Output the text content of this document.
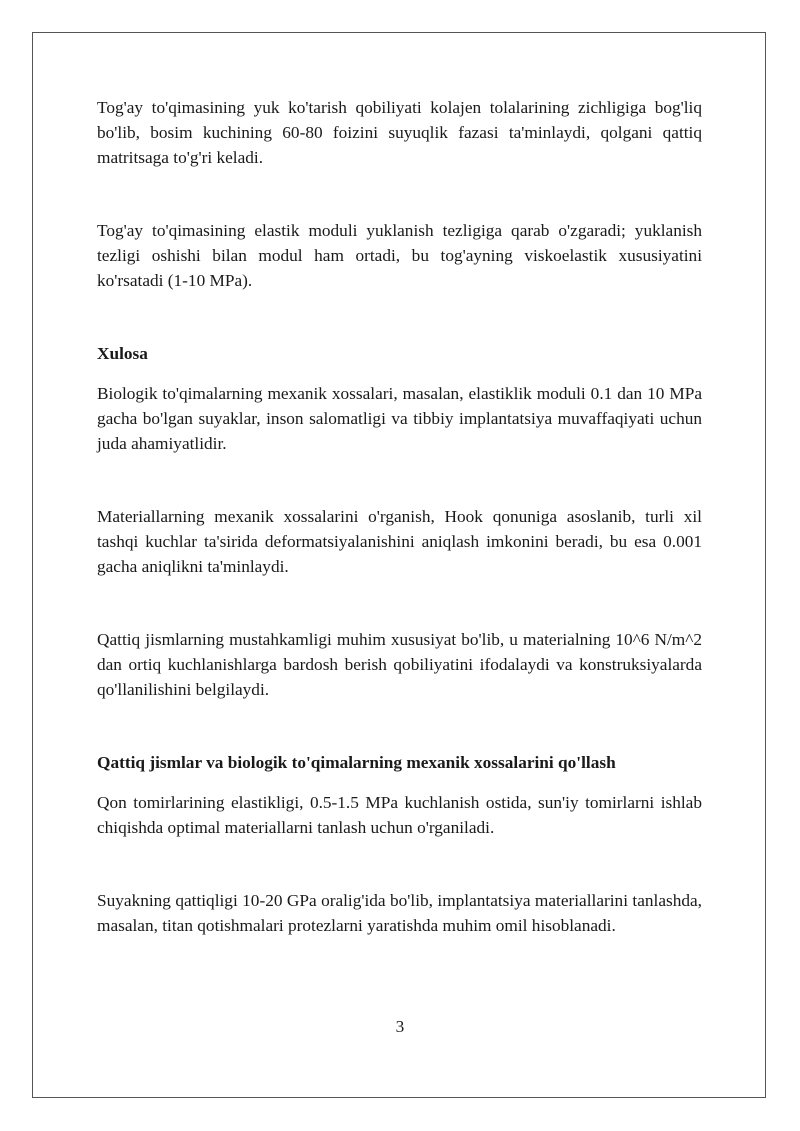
Tog'ay to'qimasining yuk ko'tarish qobiliyati kolajen tolalarining zichligiga bog'liq bo'lib, bosim kuchining 60-80 foizini suyuqlik fazasi ta'minlaydi, qolgani qattiq matritsaga to'g'ri keladi.

Tog'ay to'qimasining elastik moduli yuklanish tezligiga qarab o'zgaradi; yuklanish tezligi oshishi bilan modul ham ortadi, bu tog'ayning viskoelastik xususiyatini ko'rsatadi (1-10 MPa).

Xulosa

Biologik to'qimalarning mexanik xossalari, masalan, elastiklik moduli 0.1 dan 10 MPa gacha bo'lgan suyaklar, inson salomatligi va tibbiy implantatsiya muvaffaqiyati uchun juda ahamiyatlidir.

Materiallarning mexanik xossalarini o'rganish, Hook qonuniga asoslanib, turli xil tashqi kuchlar ta'sirida deformatsiyalanishini aniqlash imkonini beradi, bu esa 0.001 gacha aniqlikni ta'minlaydi.

Qattiq jismlarning mustahkamligi muhim xususiyat bo'lib, u materialning 10^6 N/m^2 dan ortiq kuchlanishlarga bardosh berish qobiliyatini ifodalaydi va konstruksiyalarda qo'llanilishini belgilaydi.

Qattiq jismlar va biologik to'qimalarning mexanik xossalarini qo'llash

Qon tomirlarining elastikligi, 0.5-1.5 MPa kuchlanish ostida, sun'iy tomirlarni ishlab chiqishda optimal materiallarni tanlash uchun o'rganiladi.

Suyakning qattiqligi 10-20 GPa oralig'ida bo'lib, implantatsiya materiallarini tanlashda, masalan, titan qotishmalari protezlarni yaratishda muhim omil hisoblanadi.

3
